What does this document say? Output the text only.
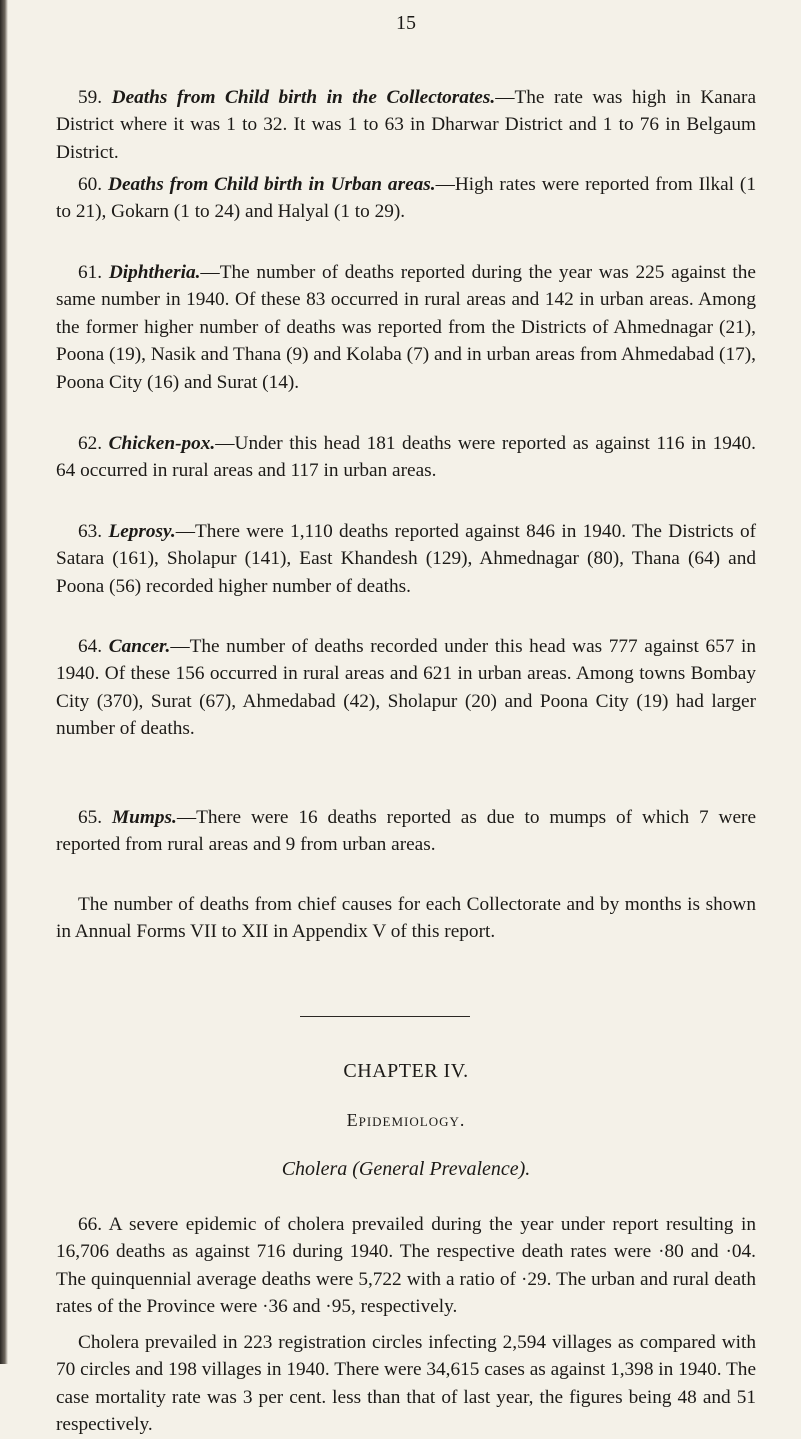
15

59. Deaths from Child birth in the Collectorates.—The rate was high in Kanara District where it was 1 to 32. It was 1 to 63 in Dharwar District and 1 to 76 in Belgaum District.

60. Deaths from Child birth in Urban areas.—High rates were reported from Ilkal (1 to 21), Gokarn (1 to 24) and Halyal (1 to 29).

61. Diphtheria.—The number of deaths reported during the year was 225 against the same number in 1940. Of these 83 occurred in rural areas and 142 in urban areas. Among the former higher number of deaths was reported from the Districts of Ahmednagar (21), Poona (19), Nasik and Thana (9) and Kolaba (7) and in urban areas from Ahmedabad (17), Poona City (16) and Surat (14).

62. Chicken-pox.—Under this head 181 deaths were reported as against 116 in 1940. 64 occurred in rural areas and 117 in urban areas.

63. Leprosy.—There were 1,110 deaths reported against 846 in 1940. The Districts of Satara (161), Sholapur (141), East Khandesh (129), Ahmednagar (80), Thana (64) and Poona (56) recorded higher number of deaths.

64. Cancer.—The number of deaths recorded under this head was 777 against 657 in 1940. Of these 156 occurred in rural areas and 621 in urban areas. Among towns Bombay City (370), Surat (67), Ahmedabad (42), Sholapur (20) and Poona City (19) had larger number of deaths.

65. Mumps.—There were 16 deaths reported as due to mumps of which 7 were reported from rural areas and 9 from urban areas.

The number of deaths from chief causes for each Collectorate and by months is shown in Annual Forms VII to XII in Appendix V of this report.

CHAPTER IV.
Epidemiology.
Cholera (General Prevalence).

66. A severe epidemic of cholera prevailed during the year under report resulting in 16,706 deaths as against 716 during 1940. The respective death rates were ·80 and ·04. The quinquennial average deaths were 5,722 with a ratio of ·29. The urban and rural death rates of the Province were ·36 and ·95, respectively.

Cholera prevailed in 223 registration circles infecting 2,594 villages as compared with 70 circles and 198 villages in 1940. There were 34,615 cases as against 1,398 in 1940. The case mortality rate was 3 per cent. less than that of last year, the figures being 48 and 51 respectively.
